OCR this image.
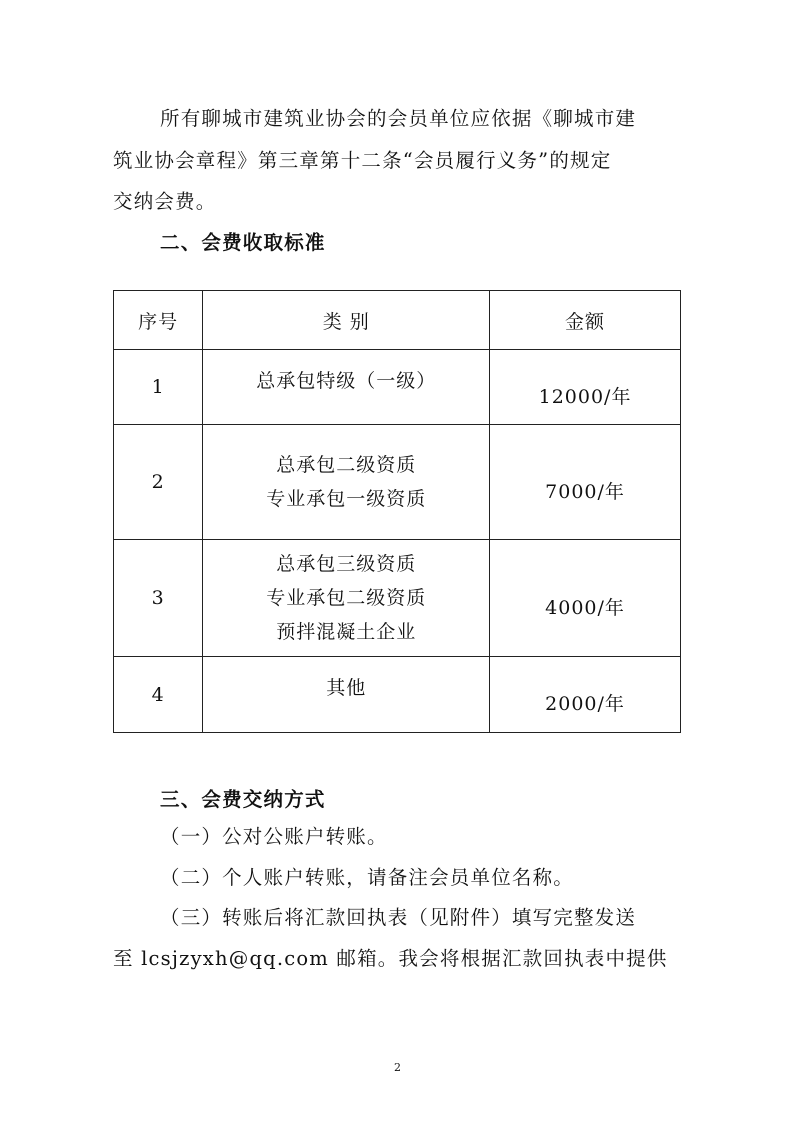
所有聊城市建筑业协会的会员单位应依据《聊城市建
筑业协会章程》第三章第十二条“会员履行义务”的规定
交纳会费。
二、会费收取标准
序号	类 别	金额
1	总承包特级（一级）	12000/年
2	总承包二级资质
专业承包一级资质	7000/年
3	总承包三级资质
专业承包二级资质
预拌混凝土企业	4000/年
4	其他	2000/年
三、会费交纳方式
（一）公对公账户转账。
（二）个人账户转账，请备注会员单位名称。
（三）转账后将汇款回执表（见附件）填写完整发送
至 lcsjzyxh@qq.com 邮箱。我会将根据汇款回执表中提供
2
